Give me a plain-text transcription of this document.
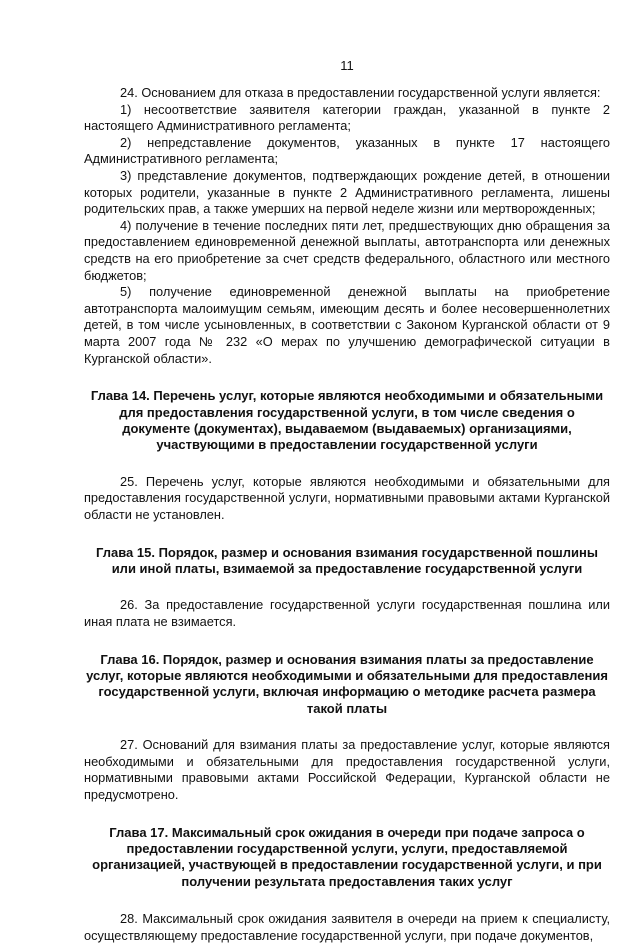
11

24. Основанием для отказа в предоставлении государственной услуги является:

1) несоответствие заявителя категории граждан, указанной в пункте 2 настоящего Административного регламента;

2) непредставление документов, указанных в пункте 17 настоящего Административного регламента;

3) представление документов, подтверждающих рождение детей, в отношении которых родители, указанные в пункте 2 Административного регламента, лишены родительских прав, а также умерших на первой неделе жизни или мертворожденных;

4) получение в течение последних пяти лет, предшествующих дню обращения за предоставлением единовременной денежной выплаты, автотранспорта или денежных средств на его приобретение за счет средств федерального, областного или местного бюджетов;

5) получение единовременной денежной выплаты на приобретение автотранспорта малоимущим семьям, имеющим десять и более несовершеннолетних детей, в том числе усыновленных, в соответствии с Законом Курганской области от 9 марта 2007 года № 232 «О мерах по улучшению демографической ситуации в Курганской области».

Глава 14. Перечень услуг, которые являются необходимыми и обязательными для предоставления государственной услуги, в том числе сведения о документе (документах), выдаваемом (выдаваемых) организациями, участвующими в предоставлении государственной услуги

25. Перечень услуг, которые являются необходимыми и обязательными для предоставления государственной услуги, нормативными правовыми актами Курганской области не установлен.

Глава 15. Порядок, размер и основания взимания государственной пошлины или иной платы, взимаемой за предоставление государственной услуги

26. За предоставление государственной услуги государственная пошлина или иная плата не взимается.

Глава 16. Порядок, размер и основания взимания платы за предоставление услуг, которые являются необходимыми и обязательными для предоставления государственной услуги, включая информацию о методике расчета размера такой платы

27. Оснований для взимания платы за предоставление услуг, которые являются необходимыми и обязательными для предоставления государственной услуги, нормативными правовыми актами Российской Федерации, Курганской области не предусмотрено.

Глава 17. Максимальный срок ожидания в очереди при подаче запроса о предоставлении государственной услуги, услуги, предоставляемой организацией, участвующей в предоставлении государственной услуги, и при получении результата предоставления таких услуг

28. Максимальный срок ожидания заявителя в очереди на прием к специалисту, осуществляющему предоставление государственной услуги, при подаче документов,
